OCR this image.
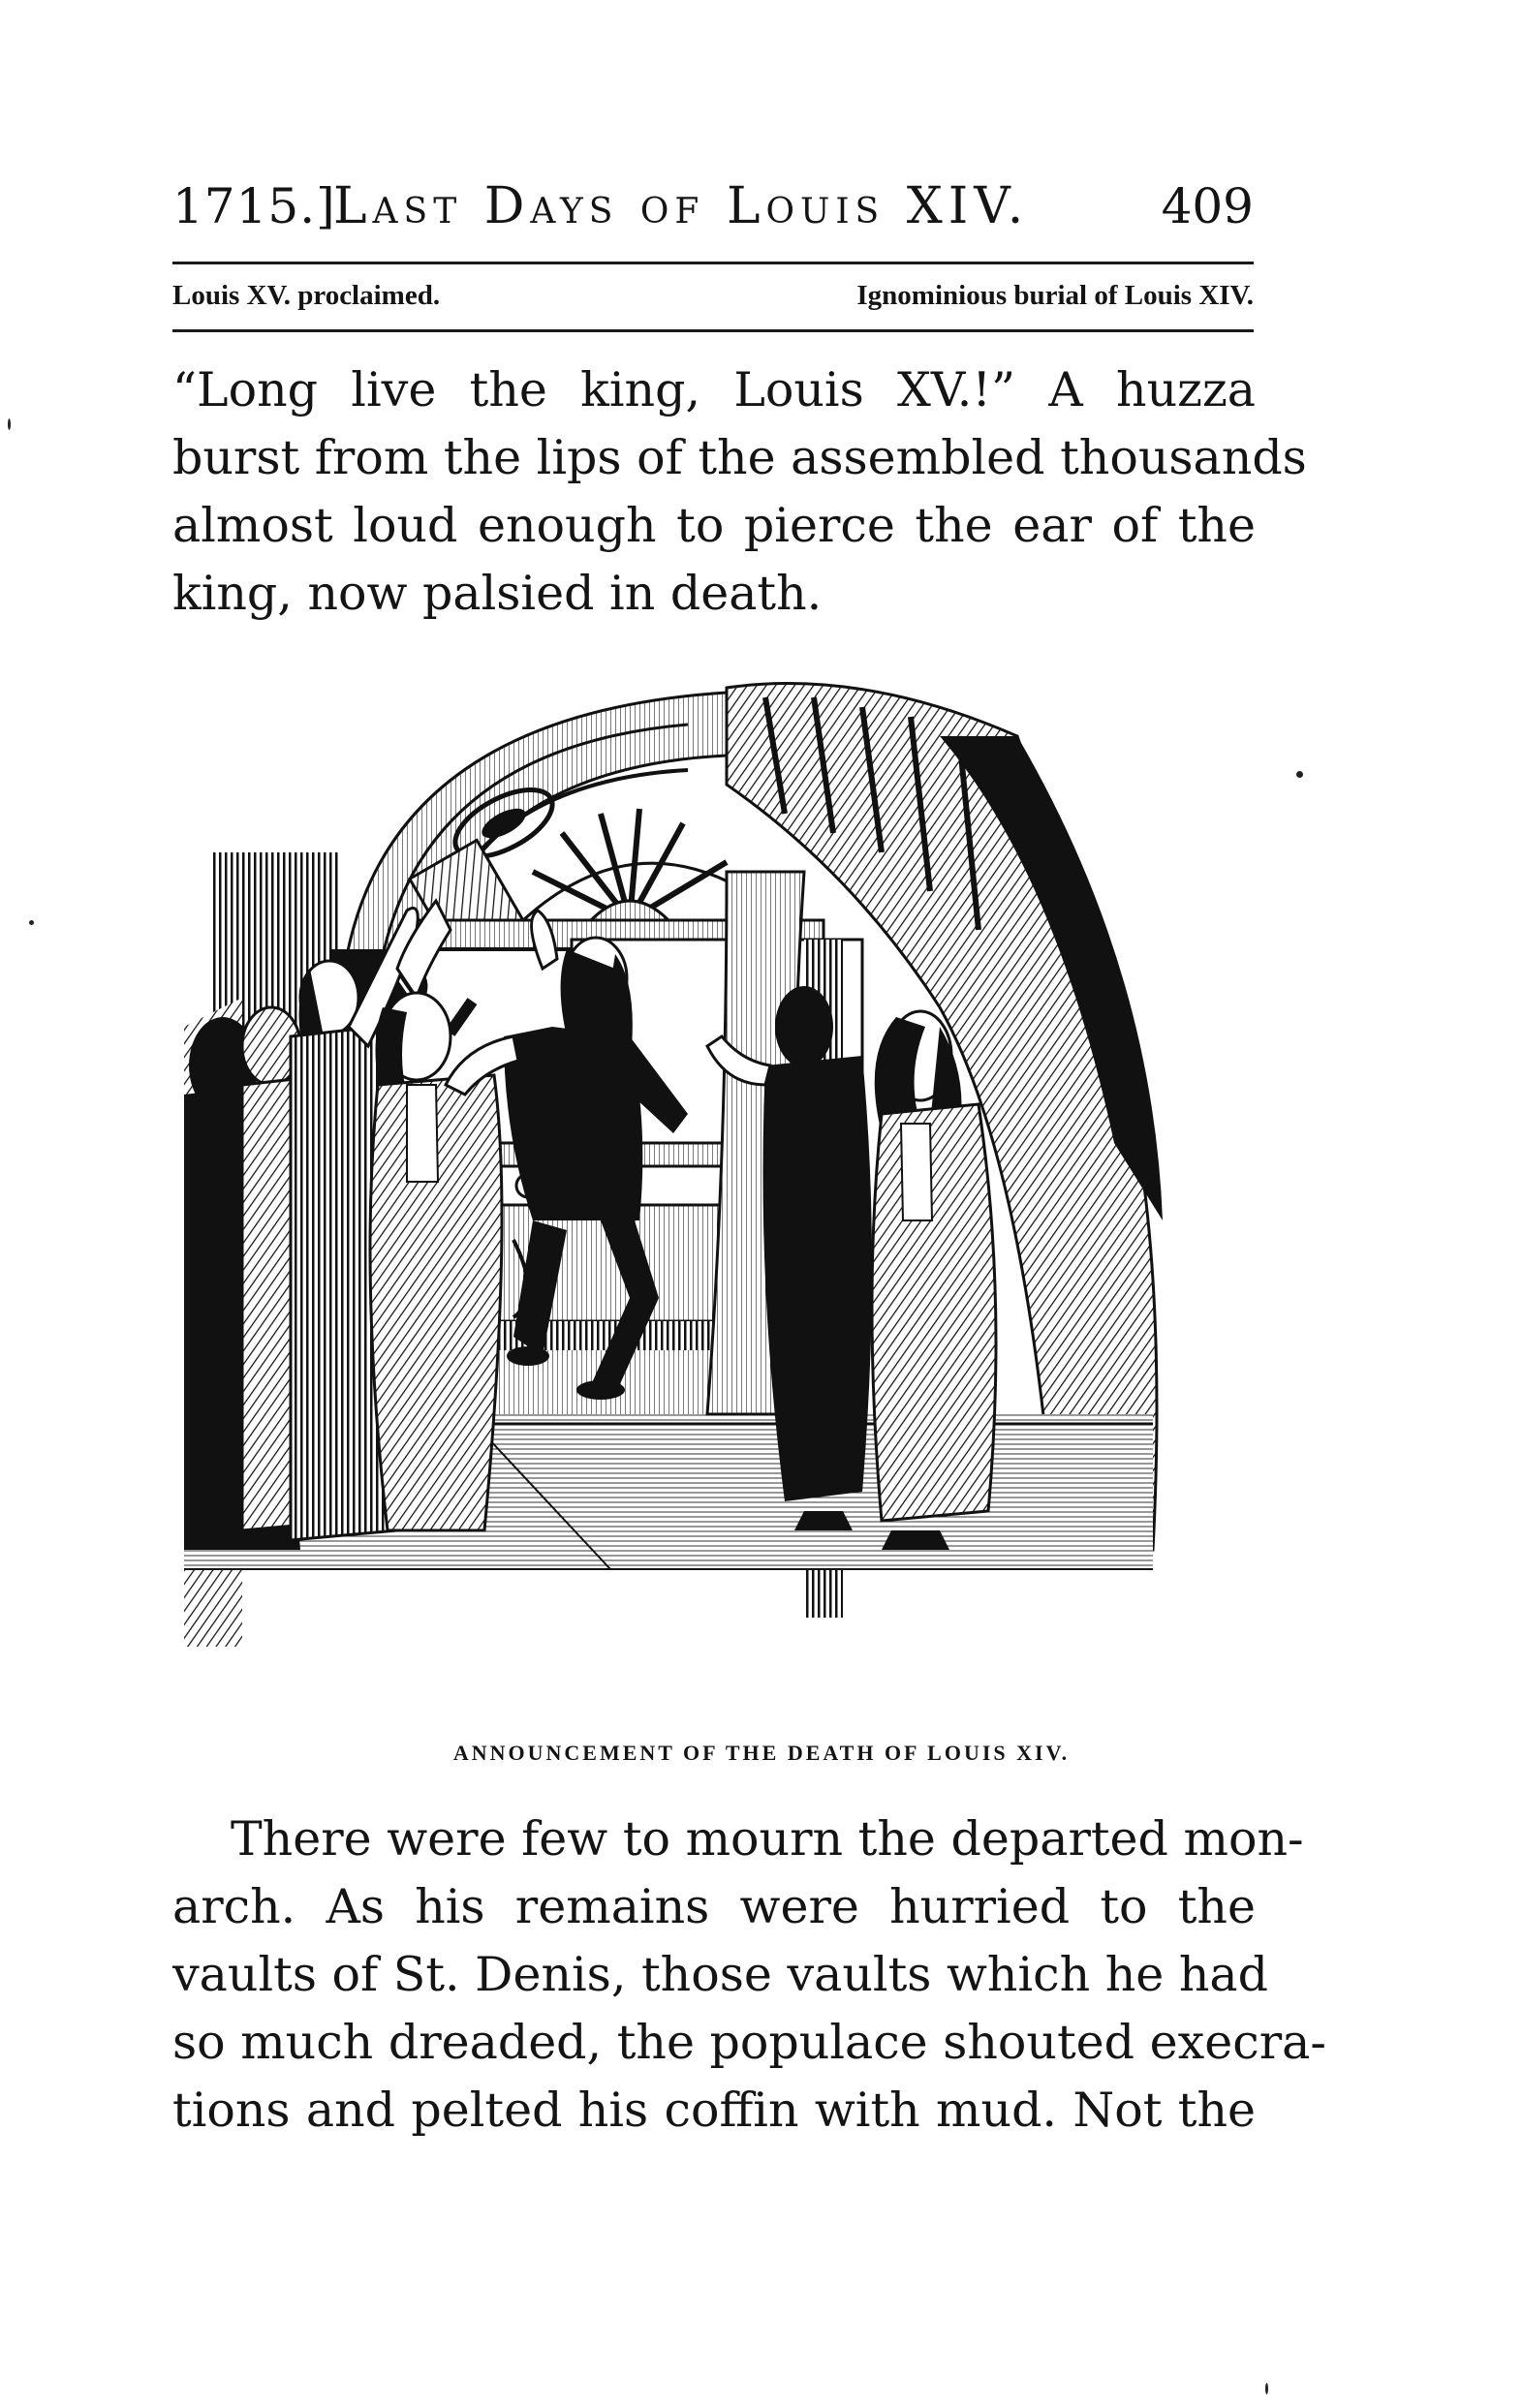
1715.]
Last Days of Louis XIV.	409
Louis XV. proclaimed.	Ignominious burial of Louis XIV.
“Long live the king, Louis XV.!” A huzza
burst from the lips of the assembled thousands
almost loud enough to pierce the ear of the
king, now palsied in death.
ANNOUNCEMENT OF THE DEATH OF LOUIS XIV.
There were few to mourn the departed mon-
arch. As his remains were hurried to the
vaults of St. Denis, those vaults which he had
so much dreaded, the populace shouted execra-
tions and pelted his coffin with mud. Not the
